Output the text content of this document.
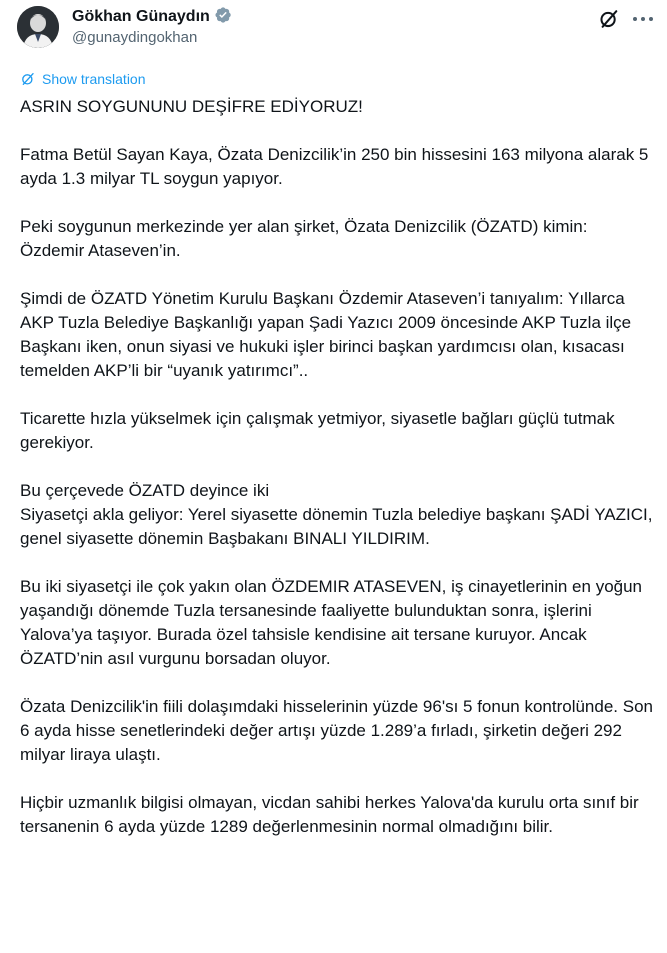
Gökhan Günaydın
@gunaydingokhan
Show translation

ASRIN SOYGUNUNU DEŞİFRE EDİYORUZ!

Fatma Betül Sayan Kaya, Özata Denizcilik’in 250 bin hissesini 163 milyona alarak 5 ayda 1.3 milyar TL soygun yapıyor.

Peki soygunun merkezinde yer alan şirket, Özata Denizcilik (ÖZATD) kimin: Özdemir Ataseven’in.

Şimdi de ÖZATD Yönetim Kurulu Başkanı Özdemir Ataseven’i tanıyalım: Yıllarca AKP Tuzla Belediye Başkanlığı yapan Şadi Yazıcı 2009 öncesinde AKP Tuzla ilçe Başkanı iken, onun siyasi ve hukuki işler birinci başkan yardımcısı olan, kısacası temelden AKP’li bir “uyanık yatırımcı”..

Ticarette hızla yükselmek için çalışmak yetmiyor, siyasetle bağları güçlü tutmak gerekiyor.

Bu çerçevede ÖZATD deyince iki
Siyasetçi akla geliyor: Yerel siyasette dönemin Tuzla belediye başkanı ŞADİ YAZICI, genel siyasette dönemin Başbakanı BINALI YILDIRIM.

Bu iki siyasetçi ile çok yakın olan ÖZDEMIR ATASEVEN, iş cinayetlerinin en yoğun yaşandığı dönemde Tuzla tersanesinde faaliyette bulunduktan sonra, işlerini Yalova’ya taşıyor. Burada özel tahsisle kendisine ait tersane kuruyor. Ancak ÖZATD’nin asıl vurgunu borsadan oluyor.

Özata Denizcilik'in fiili dolaşımdaki hisselerinin yüzde 96'sı 5 fonun kontrolünde. Son 6 ayda hisse senetlerindeki değer artışı yüzde 1.289’a fırladı, şirketin değeri 292 milyar liraya ulaştı.

Hiçbir uzmanlık bilgisi olmayan, vicdan sahibi herkes Yalova'da kurulu orta sınıf bir tersanenin 6 ayda yüzde 1289 değerlenmesinin normal olmadığını bilir.
